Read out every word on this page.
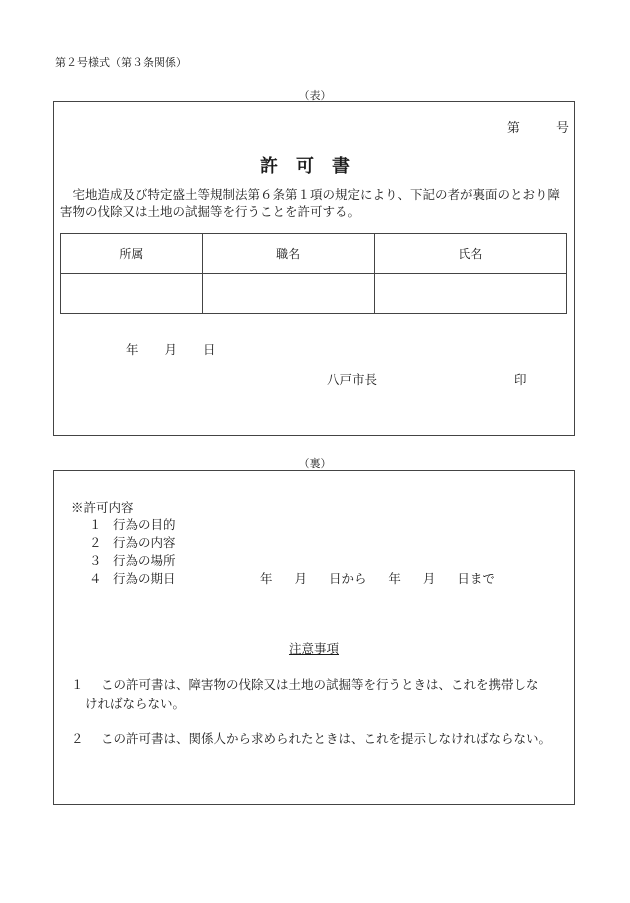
第２号様式（第３条関係）
（表）
第 号
許可書
宅地造成及び特定盛土等規制法第６条第１項の規定により、下記の者が裏面のとおり障害物の伐除又は土地の試掘等を行うことを許可する。
所属	職名	氏名

年 月 日
八戸市長	印
（裏）
※許可内容
１ 行為の目的
２ 行為の内容
３ 行為の場所
４ 行為の期日	年 月 日から 年 月 日まで
注意事項
１ この許可書は、障害物の伐除又は土地の試掘等を行うときは、これを携帯しな
ければならない。
２ この許可書は、関係人から求められたときは、これを提示しなければならない。
